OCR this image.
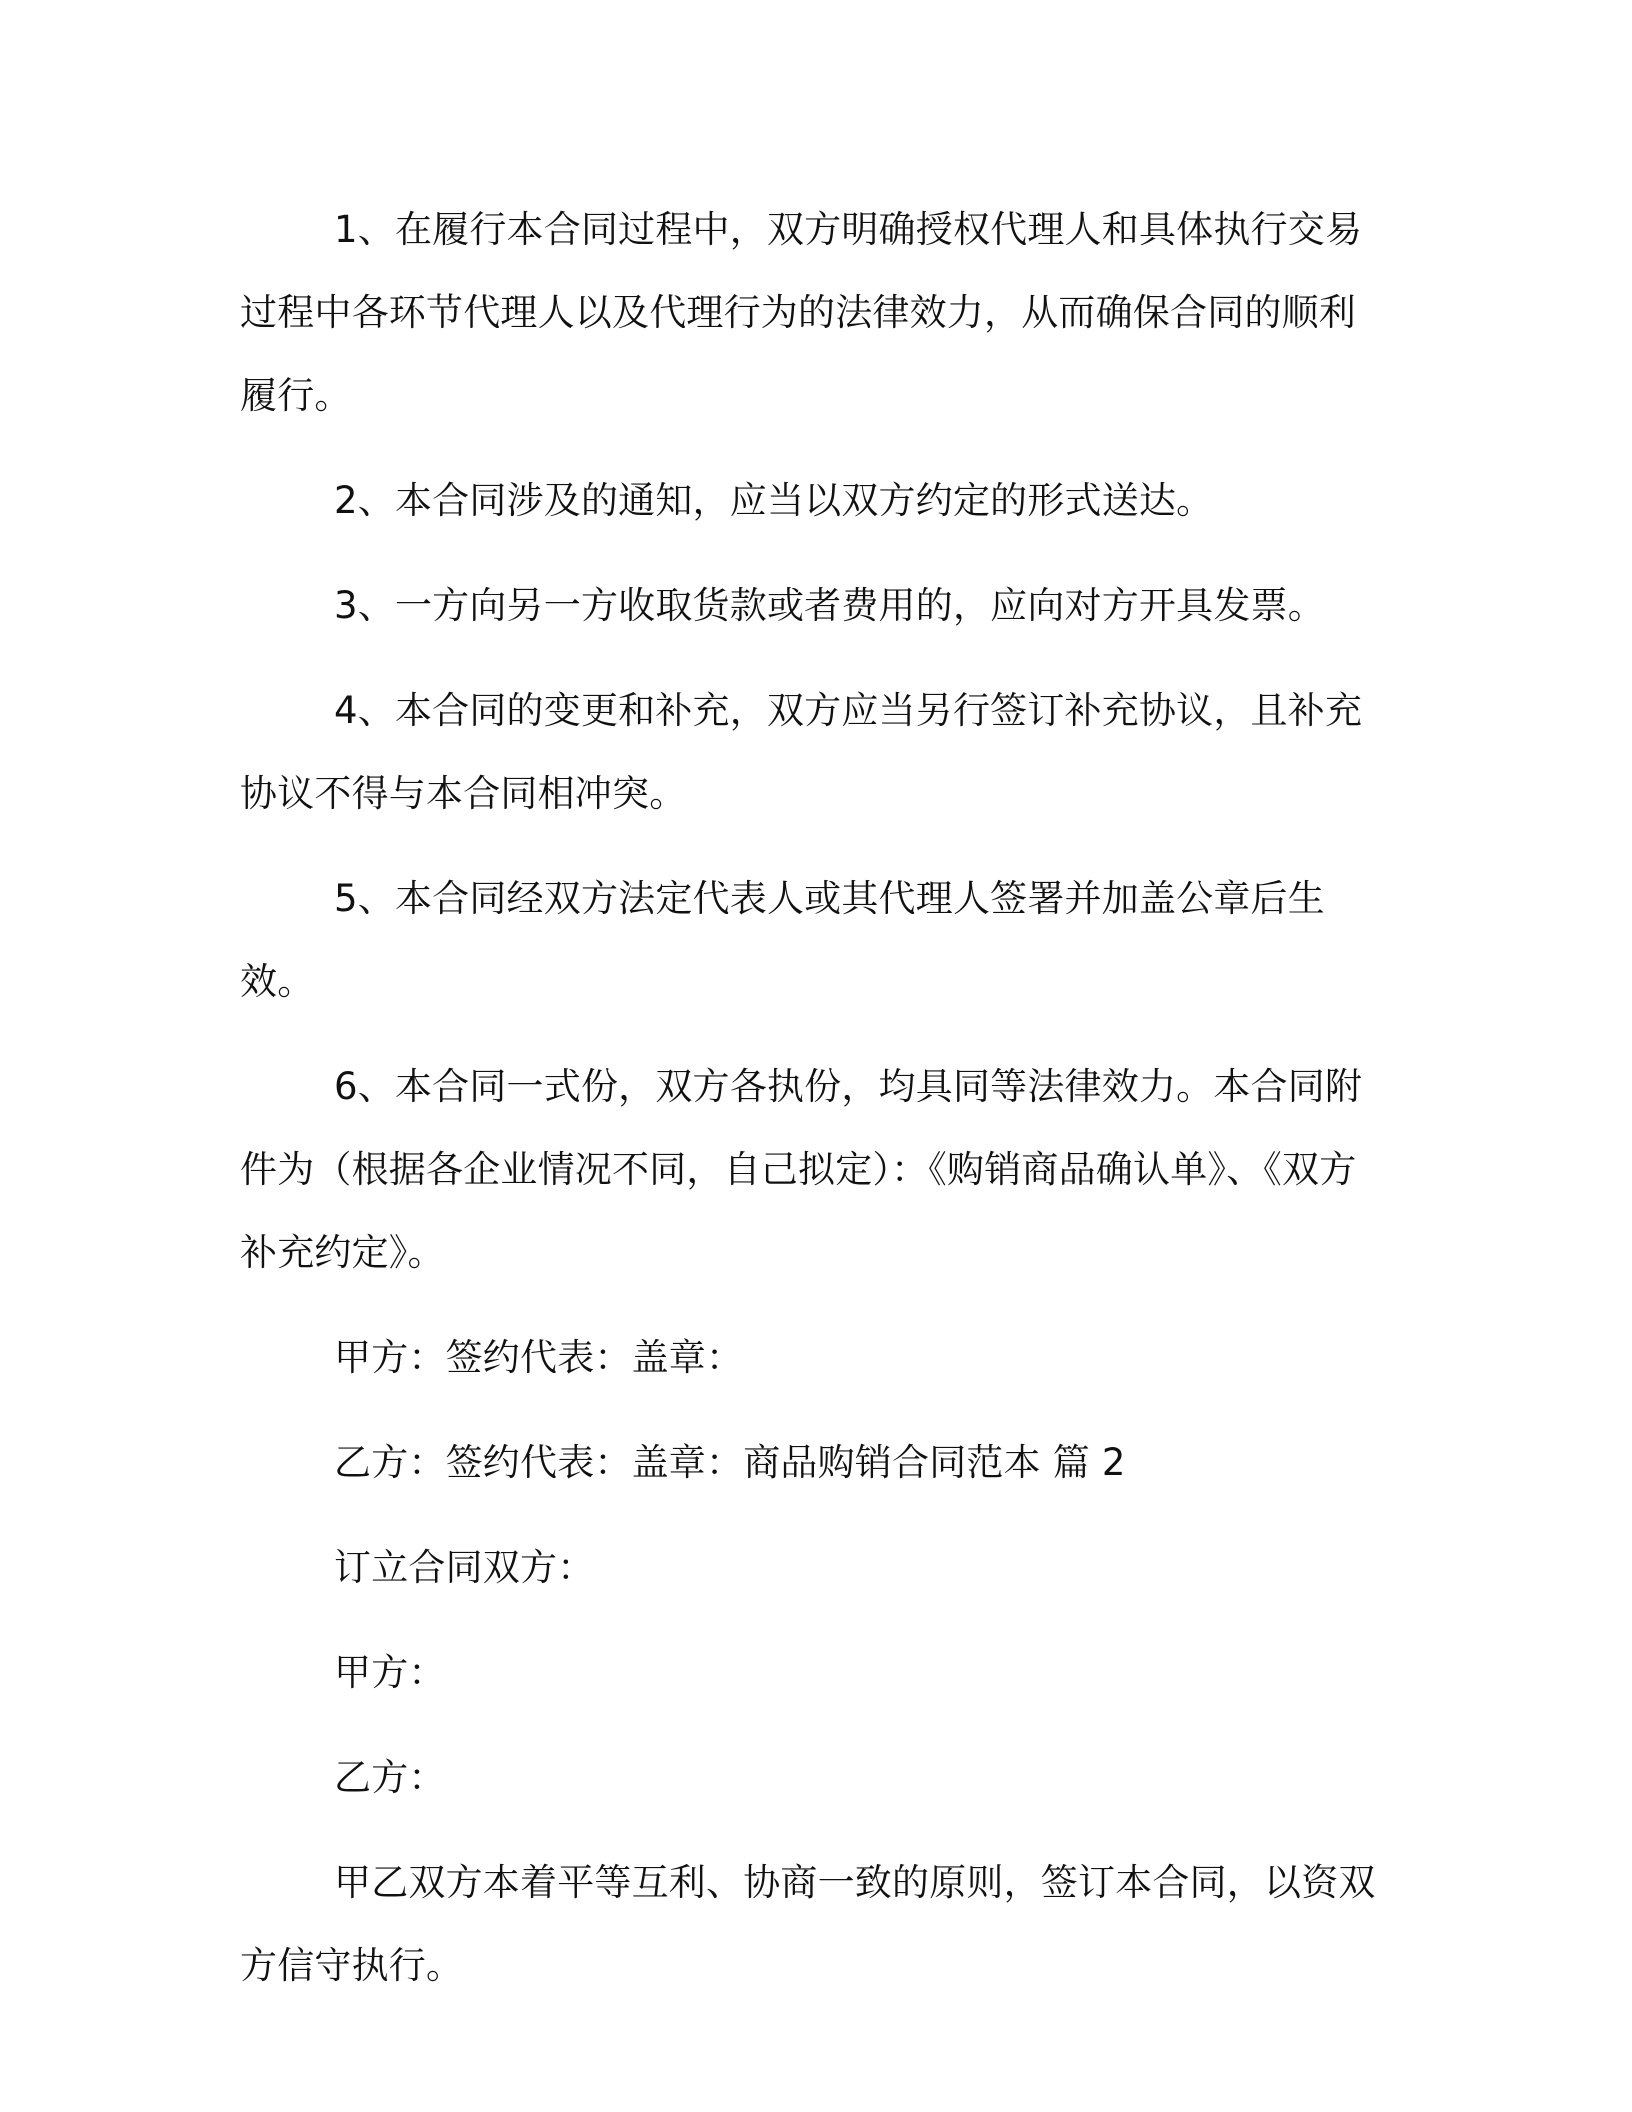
1、在履行本合同过程中，双方明确授权代理人和具体执行交易过程中各环节代理人以及代理行为的法律效力，从而确保合同的顺利履行。

2、本合同涉及的通知，应当以双方约定的形式送达。

3、一方向另一方收取货款或者费用的，应向对方开具发票。

4、本合同的变更和补充，双方应当另行签订补充协议，且补充协议不得与本合同相冲突。

5、本合同经双方法定代表人或其代理人签署并加盖公章后生效。

6、本合同一式份，双方各执份，均具同等法律效力。本合同附件为（根据各企业情况不同，自己拟定）：《购销商品确认单》、《双方补充约定》。

甲方：签约代表：盖章：

乙方：签约代表：盖章：商品购销合同范本 篇 2

订立合同双方：

甲方：

乙方：

甲乙双方本着平等互利、协商一致的原则，签订本合同，以资双方信守执行。
